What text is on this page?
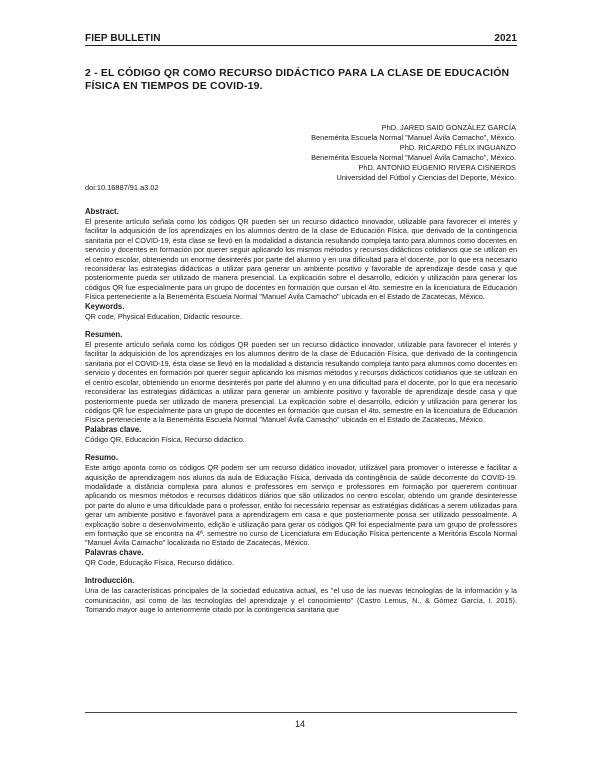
FIEP BULLETIN	2021
2 - EL CÓDIGO QR COMO RECURSO DIDÁCTICO PARA LA CLASE DE EDUCACIÓN FÍSICA EN TIEMPOS DE COVID-19.
PhD. JARED SAID GONZÁLEZ GARCÍA
Benemérita Escuela Normal "Manuel Ávila Camacho", México.
PhD. RICARDO FÉLIX INGUANZO
Benemérita Escuela Normal "Manuel Ávila Camacho", México.
PhD. ANTONIO EUGENIO RIVERA CISNEROS
Universidad del Fútbol y Ciencias del Deporte, México.
doi:10.16887/91.a3.02
Abstract.

El presente artículo señala como los códigos QR pueden ser un recurso didáctico innovador, utilizable para favorecer el interés y facilitar la adquisición de los aprendizajes en los alumnos dentro de la clase de Educación Física, que derivado de la contingencia sanitaria por el COVID-19, ésta clase se llevó en la modalidad a distancia resultando compleja tanto para alumnos como docentes en servicio y docentes en formación por querer seguir aplicando los mismos métodos y recursos didácticos cotidianos que se utilizan en el centro escolar, obteniendo un enorme desinterés por parte del alumno y en una dificultad para el docente, por lo que era necesario reconsiderar las estrategias didácticas a utilizar para generar un ambiente positivo y favorable de aprendizaje desde casa y que posteriormente pueda ser utilizado de manera presencial. La explicación sobre el desarrollo, edición y utilización para generar los códigos QR fue especialmente para un grupo de docentes en formación que cursan el 4to. semestre en la licenciatura de Educación Física perteneciente a la Benemérita Escuela Normal "Manuel Ávila Camacho" ubicada en el Estado de Zacatecas, México.

Keywords.

QR code, Physical Education, Didactic resource.

Resumen.

El presente artículo señala como los códigos QR pueden ser un recurso didáctico innovador, utilizable para favorecer el interés y facilitar la adquisición de los aprendizajes en los alumnos dentro de la clase de Educación Física, que derivado de la contingencia sanitaria por el COVID-19, ésta clase se llevó en la modalidad a distancia resultando compleja tanto para alumnos como docentes en servicio y docentes en formación por querer seguir aplicando los mismos métodos y recursos didácticos cotidianos que se utilizan en el centro escolar, obteniendo un enorme desinterés por parte del alumno y en una dificultad para el docente, por lo que era necesario reconsiderar las estrategias didácticas a utilizar para generar un ambiente positivo y favorable de aprendizaje desde casa y que posteriormente pueda ser utilizado de manera presencial. La explicación sobre el desarrollo, edición y utilización para generar los códigos QR fue especialmente para un grupo de docentes en formación que cursan el 4to. semestre en la licenciatura de Educación Física perteneciente a la Benemérita Escuela Normal "Manuel Ávila Camacho" ubicada en el Estado de Zacatecas, México.

Palabras clave.

Código QR, Educación Física, Recurso didáctico.

Resumo.

Este artigo aponta como os códigos QR podem ser um recurso didático inovador, utilizável para promover o interesse e facilitar a aquisição de aprendizagem nos alunos da aula de Educação Física, derivada da contingência de saúde decorrente do COVID-19. modalidade a distância complexa para alunos e professores em serviço e professores em formação por quererem continuar aplicando os mesmos métodos e recursos didáticos diários que são utilizados no centro escolar, obtendo um grande desinteresse por parte do aluno e uma dificuldade para o professor, então foi necessário repensar as estratégias didáticas a serem utilizadas para gerar um ambiente positivo e favorável para a aprendizagem em casa e que posteriormente possa ser utilizado pessoalmente. A explicação sobre o desenvolvimento, edição e utilização para gerar os códigos QR foi especialmente para um grupo de professores em formação que se encontra na 4ª. semestre no curso de Licenciatura em Educação Física pertencente a Meritória Escola Normal "Manuel Ávila Camacho" localizada no Estado de Zacatecas, México.

Palavras chave.

QR Code, Educação Física, Recurso didático.

Introducción.

Una de las características principales de la sociedad educativa actual, es "el uso de las nuevas tecnologías de la información y la comunicación, así como de las tecnologías del aprendizaje y el conocimiento" (Castro Lemus, N., & Gómez García, I. 2015). Tomando mayor auge lo anteriormente citado por la contingencia sanitaria que

14
